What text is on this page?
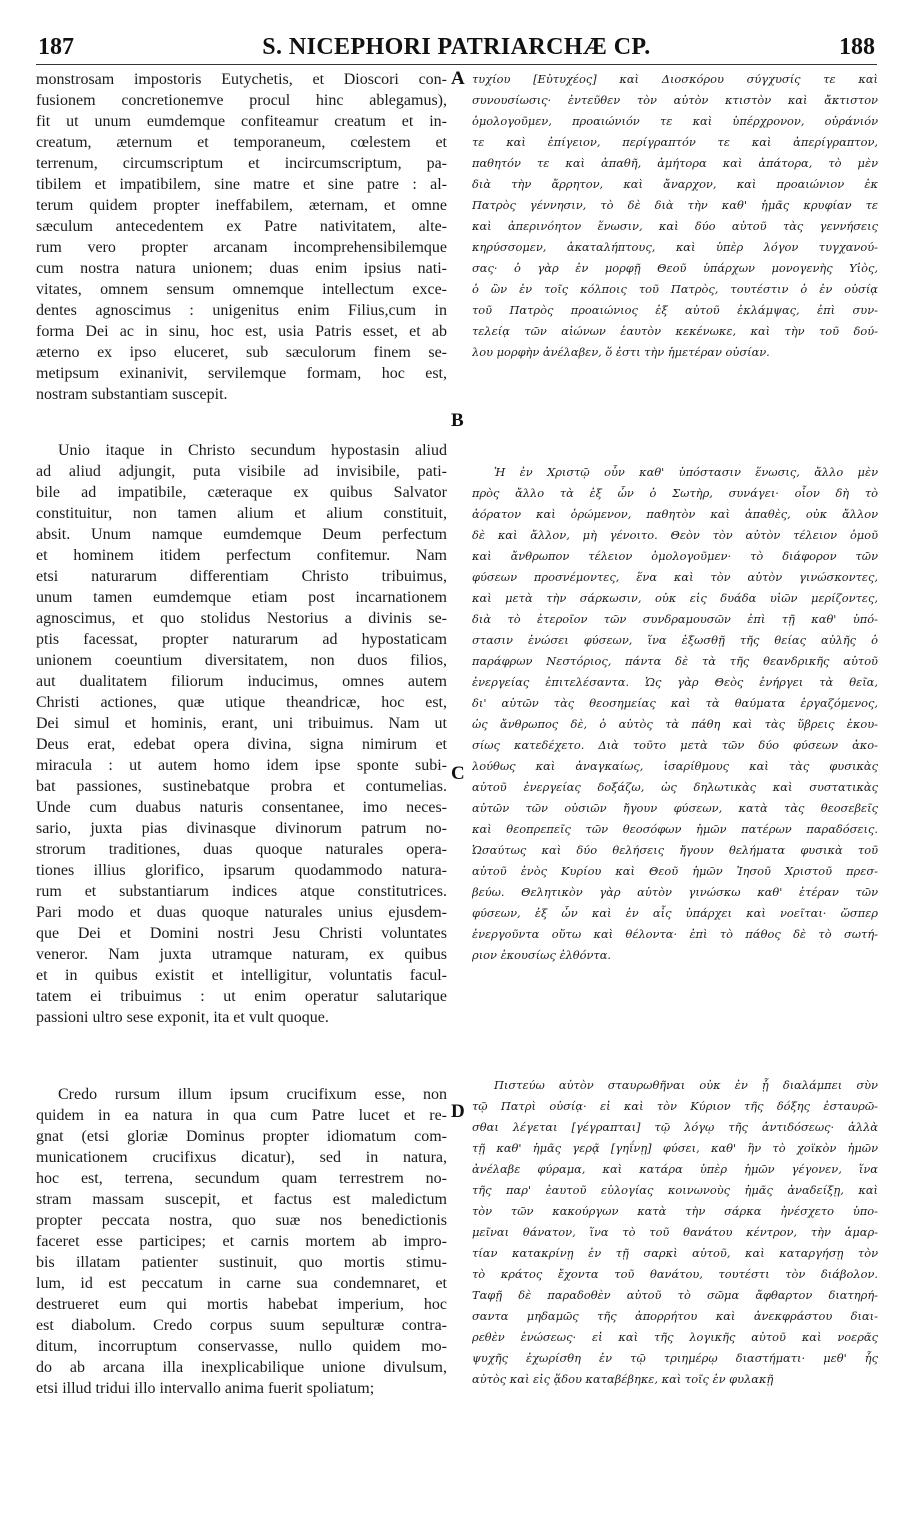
187	S. NICEPHORI PATRIARCHÆ CP.	188
monstrosam impostoris Eutychetis, et Dioscori con-
fusionem concretionemve procul hinc ablegamus),
fit ut unum eumdemque confiteamur creatum et in-
creatum, æternum et temporaneum, cœlestem et
terrenum, circumscriptum et incircumscriptum, pa-
tibilem et impatibilem, sine matre et sine patre : al-
terum quidem propter ineffabilem, æternam, et omne
sæculum antecedentem ex Patre nativitatem, alte-
rum vero propter arcanam incomprehensibilemque
cum nostra natura unionem; duas enim ipsius nati-
vitates, omnem sensum omnemque intellectum exce-
dentes agnoscimus : unigenitus enim Filius,cum in
forma Dei ac in sinu, hoc est, usia Patris esset, et ab
æterno ex ipso eluceret, sub sæculorum finem se-
metipsum exinanivit, servilemque formam, hoc est,
nostram substantiam suscepit.
Unio itaque in Christo secundum hypostasin aliud
ad aliud adjungit, puta visibile ad invisibile, pati-
bile ad impatibile, cæteraque ex quibus Salvator
constituitur, non tamen alium et alium constituit,
absit. Unum namque eumdemque Deum perfectum
et hominem itidem perfectum confitemur. Nam
etsi naturarum differentiam Christo tribuimus,
unum tamen eumdemque etiam post incarnationem
agnoscimus, et quo stolidus Nestorius a divinis se-
ptis facessat, propter naturarum ad hypostaticam
unionem coeuntium diversitatem, non duos filios,
aut dualitatem filiorum inducimus, omnes autem
Christi actiones, quæ utique theandricæ, hoc est,
Dei simul et hominis, erant, uni tribuimus. Nam ut
Deus erat, edebat opera divina, signa nimirum et
miracula : ut autem homo idem ipse sponte subi-
bat passiones, sustinebatque probra et contumelias.
Unde cum duabus naturis consentanee, imo neces-
sario, juxta pias divinasque divinorum patrum no-
strorum traditiones, duas quoque naturales opera-
tiones illius glorifico, ipsarum quodammodo natura-
rum et substantiarum indices atque constitutrices.
Pari modo et duas quoque naturales unius ejusdem-
que Dei et Domini nostri Jesu Christi voluntates
veneror. Nam juxta utramque naturam, ex quibus
et in quibus existit et intelligitur, voluntatis facul-
tatem ei tribuimus : ut enim operatur salutarique
passioni ultro sese exponit, ita et vult quoque.
Credo rursum illum ipsum crucifixum esse, non
quidem in ea natura in qua cum Patre lucet et re-
gnat (etsi gloriæ Dominus propter idiomatum com-
municationem crucifixus dicatur), sed in natura,
hoc est, terrena, secundum quam terrestrem no-
stram massam suscepit, et factus est maledictum
propter peccata nostra, quo suæ nos benedictionis
faceret esse participes; et carnis mortem ab impro-
bis illatam patienter sustinuit, quo mortis stimu-
lum, id est peccatum in carne sua condemnaret, et
destrueret eum qui mortis habebat imperium, hoc
est diabolum. Credo corpus suum sepulturæ contra-
ditum, incorruptum conservasse, nullo quidem mo-
do ab arcana illa inexplicabilique unione divulsum,
etsi illud tridui illo intervallo anima fuerit spoliatum;
τυχίου [Εὐτυχέος] καὶ Διοσκόρου σύγχυσίς τε καὶ
συνουσίωσις· ἐντεῦθεν τὸν αὐτὸν κτιστὸν καὶ ἄκτιστον
ὁμολογοῦμεν, προαιώνιόν τε καὶ ὑπέρχρονον, οὐράνιόν
τε καὶ ἐπίγειον, περίγραπτόν τε καὶ ἀπερίγραπτον,
παθητόν τε καὶ ἀπαθῆ, ἀμήτορα καὶ ἀπάτορα, τὸ μὲν
διὰ τὴν ἄρρητον, καὶ ἄναρχον, καὶ προαιώνιον ἐκ
Πατρὸς γέννησιν, τὸ δὲ διὰ τὴν καθ' ἡμᾶς κρυφίαν τε
καὶ ἀπερινόητον ἕνωσιν, καὶ δύο αὐτοῦ τὰς γεννήσεις
κηρύσσομεν, ἀκαταλήπτους, καὶ ὑπὲρ λόγον τυγχανού-
σας· ὁ γὰρ ἐν μορφῇ Θεοῦ ὑπάρχων μονογενὴς Υἱὸς,
ὁ ὢν ἐν τοῖς κόλποις τοῦ Πατρὸς, τουτέστιν ὁ ἐν οὐσίᾳ
τοῦ Πατρὸς προαιώνιος ἐξ αὐτοῦ ἐκλάμψας, ἐπὶ συν-
τελείᾳ τῶν αἰώνων ἑαυτὸν κεκένωκε, καὶ τὴν τοῦ δού-
λου μορφὴν ἀνέλαβεν, ὅ ἐστι τὴν ἡμετέραν οὐσίαν.
Ἡ ἐν Χριστῷ οὖν καθ' ὑπόστασιν ἕνωσις, ἄλλο μὲν
πρὸς ἄλλο τὰ ἐξ ὧν ὁ Σωτὴρ, συνάγει· οἷον δὴ τὸ
ἀόρατον καὶ ὁρώμενον, παθητὸν καὶ ἀπαθὲς, οὐκ ἄλλον
δὲ καὶ ἄλλον, μὴ γένοιτο. Θεὸν τὸν αὐτὸν τέλειον ὁμοῦ
καὶ ἄνθρωπον τέλειον ὁμολογοῦμεν· τὸ διάφορον τῶν
φύσεων προσνέμοντες, ἕνα καὶ τὸν αὐτὸν γινώσκοντες,
καὶ μετὰ τὴν σάρκωσιν, οὐκ εἰς δυάδα υἱῶν μερίζοντες,
διὰ τὸ ἑτεροῖον τῶν συνδραμουσῶν ἐπὶ τῇ καθ' ὑπό-
στασιν ἑνώσει φύσεων, ἵνα ἐξωσθῇ τῆς θείας αὐλῆς ὁ
παράφρων Νεστόριος, πάντα δὲ τὰ τῆς θεανδρικῆς αὐτοῦ
ἐνεργείας ἐπιτελέσαντα. Ὡς γὰρ Θεὸς ἐνήργει τὰ θεῖα,
δι' αὐτῶν τὰς θεοσημείας καὶ τὰ θαύματα ἐργαζόμενος,
ὡς ἄνθρωπος δὲ, ὁ αὐτὸς τὰ πάθη καὶ τὰς ὕβρεις ἑκου-
σίως κατεδέχετο. Διὰ τοῦτο μετὰ τῶν δύο φύσεων ἀκο-
λούθως καὶ ἀναγκαίως, ἰσαρίθμους καὶ τὰς φυσικὰς
αὐτοῦ ἐνεργείας δοξάζω, ὡς δηλωτικὰς καὶ συστατικὰς
αὐτῶν τῶν οὐσιῶν ἤγουν φύσεων, κατὰ τὰς θεοσεβεῖς
καὶ θεοπρεπεῖς τῶν θεοσόφων ἡμῶν πατέρων παραδόσεις.
Ὡσαύτως καὶ δύο θελήσεις ἤγουν θελήματα φυσικὰ τοῦ
αὐτοῦ ἑνὸς Κυρίου καὶ Θεοῦ ἡμῶν Ἰησοῦ Χριστοῦ πρεσ-
βεύω. Θελητικὸν γὰρ αὐτὸν γινώσκω καθ' ἑτέραν τῶν
φύσεων, ἐξ ὧν καὶ ἐν αἷς ὑπάρχει καὶ νοεῖται· ὥσπερ
ἐνεργοῦντα οὕτω καὶ θέλοντα· ἐπὶ τὸ πάθος δὲ τὸ σωτή-
ριον ἑκουσίως ἐλθόντα.
Πιστεύω αὐτὸν σταυρωθῆναι οὐκ ἐν ᾗ διαλάμπει σὺν
τῷ Πατρὶ οὐσίᾳ· εἰ καὶ τὸν Κύριον τῆς δόξης ἐσταυρῶ-
σθαι λέγεται [γέγραπται] τῷ λόγῳ τῆς ἀντιδόσεως· ἀλλὰ
τῇ καθ' ἡμᾶς γερᾷ [γηΐνῃ] φύσει, καθ' ἣν τὸ χοϊκὸν ἡμῶν
ἀνέλαβε φύραμα, καὶ κατάρα ὑπὲρ ἡμῶν γέγονεν, ἵνα
τῆς παρ' ἑαυτοῦ εὐλογίας κοινωνοὺς ἡμᾶς ἀναδείξῃ, καὶ
τὸν τῶν κακούργων κατὰ τὴν σάρκα ἠνέσχετο ὑπο-
μεῖναι θάνατον, ἵνα τὸ τοῦ θανάτου κέντρον, τὴν ἁμαρ-
τίαν κατακρίνῃ ἐν τῇ σαρκὶ αὐτοῦ, καὶ καταργήσῃ τὸν
τὸ κράτος ἔχοντα τοῦ θανάτου, τουτέστι τὸν διάβολον.
Ταφῇ δὲ παραδοθὲν αὐτοῦ τὸ σῶμα ἄφθαρτον διατηρή-
σαντα μηδαμῶς τῆς ἀπορρήτου καὶ ἀνεκφράστου διαι-
ρεθὲν ἑνώσεως· εἰ καὶ τῆς λογικῆς αὐτοῦ καὶ νοερᾶς
ψυχῆς ἐχωρίσθη ἐν τῷ τριημέρῳ διαστήματι· μεθ' ἧς
αὐτὸς καὶ εἰς ᾅδου καταβέβηκε, καὶ τοῖς ἐν φυλακῇ
A
B
C
D
